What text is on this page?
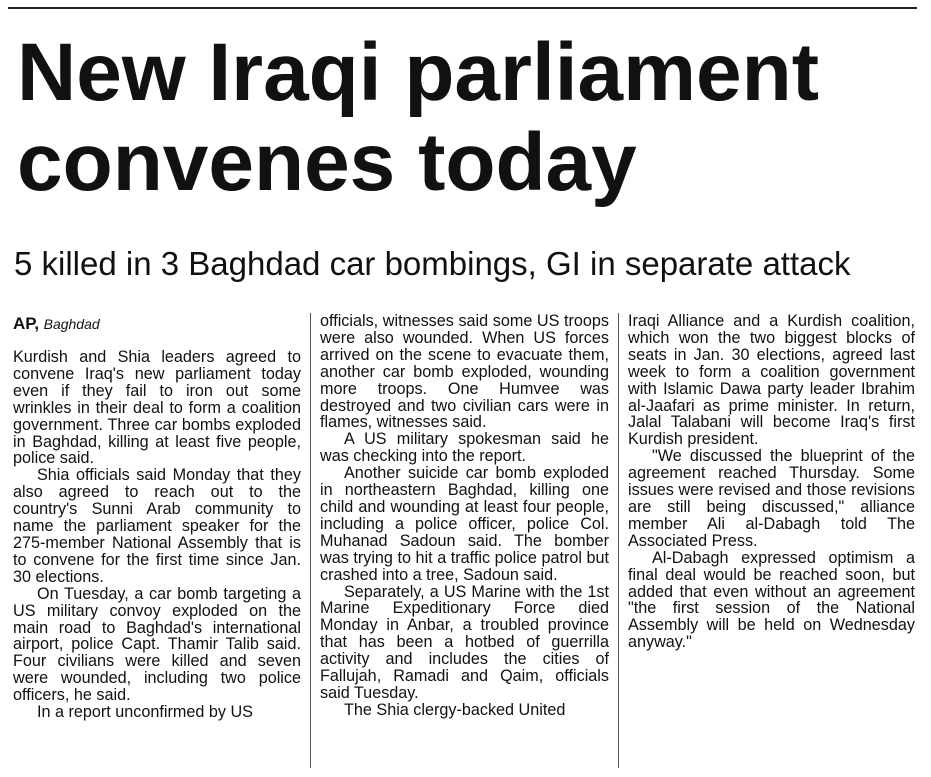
New Iraqi parliament
convenes today
5 killed in 3 Baghdad car bombings, GI in separate attack
AP, Baghdad

Kurdish and Shia leaders agreed to convene Iraq's new parliament today even if they fail to iron out some wrinkles in their deal to form a coalition government. Three car bombs exploded in Baghdad, killing at least five people, police said.

Shia officials said Monday that they also agreed to reach out to the country's Sunni Arab community to name the parliament speaker for the 275-member National Assembly that is to convene for the first time since Jan. 30 elections.

On Tuesday, a car bomb targeting a US military convoy exploded on the main road to Baghdad's international airport, police Capt. Thamir Talib said. Four civilians were killed and seven were wounded, including two police officers, he said.

In a report unconfirmed by US

officials, witnesses said some US troops were also wounded. When US forces arrived on the scene to evacuate them, another car bomb exploded, wounding more troops. One Humvee was destroyed and two civilian cars were in flames, witnesses said.

A US military spokesman said he was checking into the report.

Another suicide car bomb exploded in northeastern Baghdad, killing one child and wounding at least four people, including a police officer, police Col. Muhanad Sadoun said. The bomber was trying to hit a traffic police patrol but crashed into a tree, Sadoun said.

Separately, a US Marine with the 1st Marine Expeditionary Force died Monday in Anbar, a troubled province that has been a hotbed of guerrilla activity and includes the cities of Fallujah, Ramadi and Qaim, officials said Tuesday.

The Shia clergy-backed United

Iraqi Alliance and a Kurdish coalition, which won the two biggest blocks of seats in Jan. 30 elections, agreed last week to form a coalition government with Islamic Dawa party leader Ibrahim al-Jaafari as prime minister. In return, Jalal Talabani will become Iraq's first Kurdish president.

"We discussed the blueprint of the agreement reached Thursday. Some issues were revised and those revisions are still being discussed," alliance member Ali al-Dabagh told The Associated Press.

Al-Dabagh expressed optimism a final deal would be reached soon, but added that even without an agreement "the first session of the National Assembly will be held on Wednesday anyway."
